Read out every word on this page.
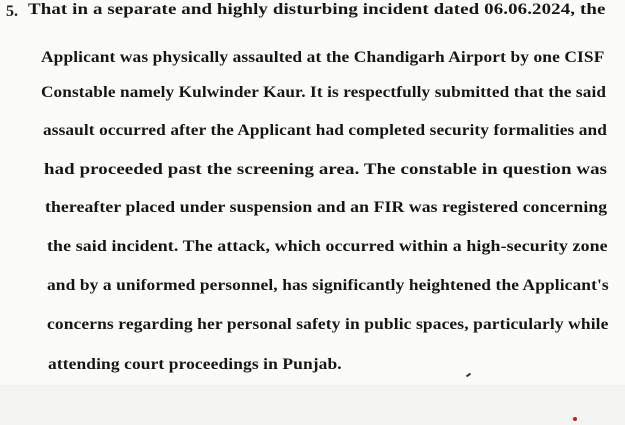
5. That in a separate and highly disturbing incident dated 06.06.2024, the
Applicant was physically assaulted at the Chandigarh Airport by one CISF
Constable namely Kulwinder Kaur. It is respectfully submitted that the said
assault occurred after the Applicant had completed security formalities and
had proceeded past the screening area. The constable in question was
thereafter placed under suspension and an FIR was registered concerning
the said incident. The attack, which occurred within a high-security zone
and by a uniformed personnel, has significantly heightened the Applicant's
concerns regarding her personal safety in public spaces, particularly while
attending court proceedings in Punjab.
